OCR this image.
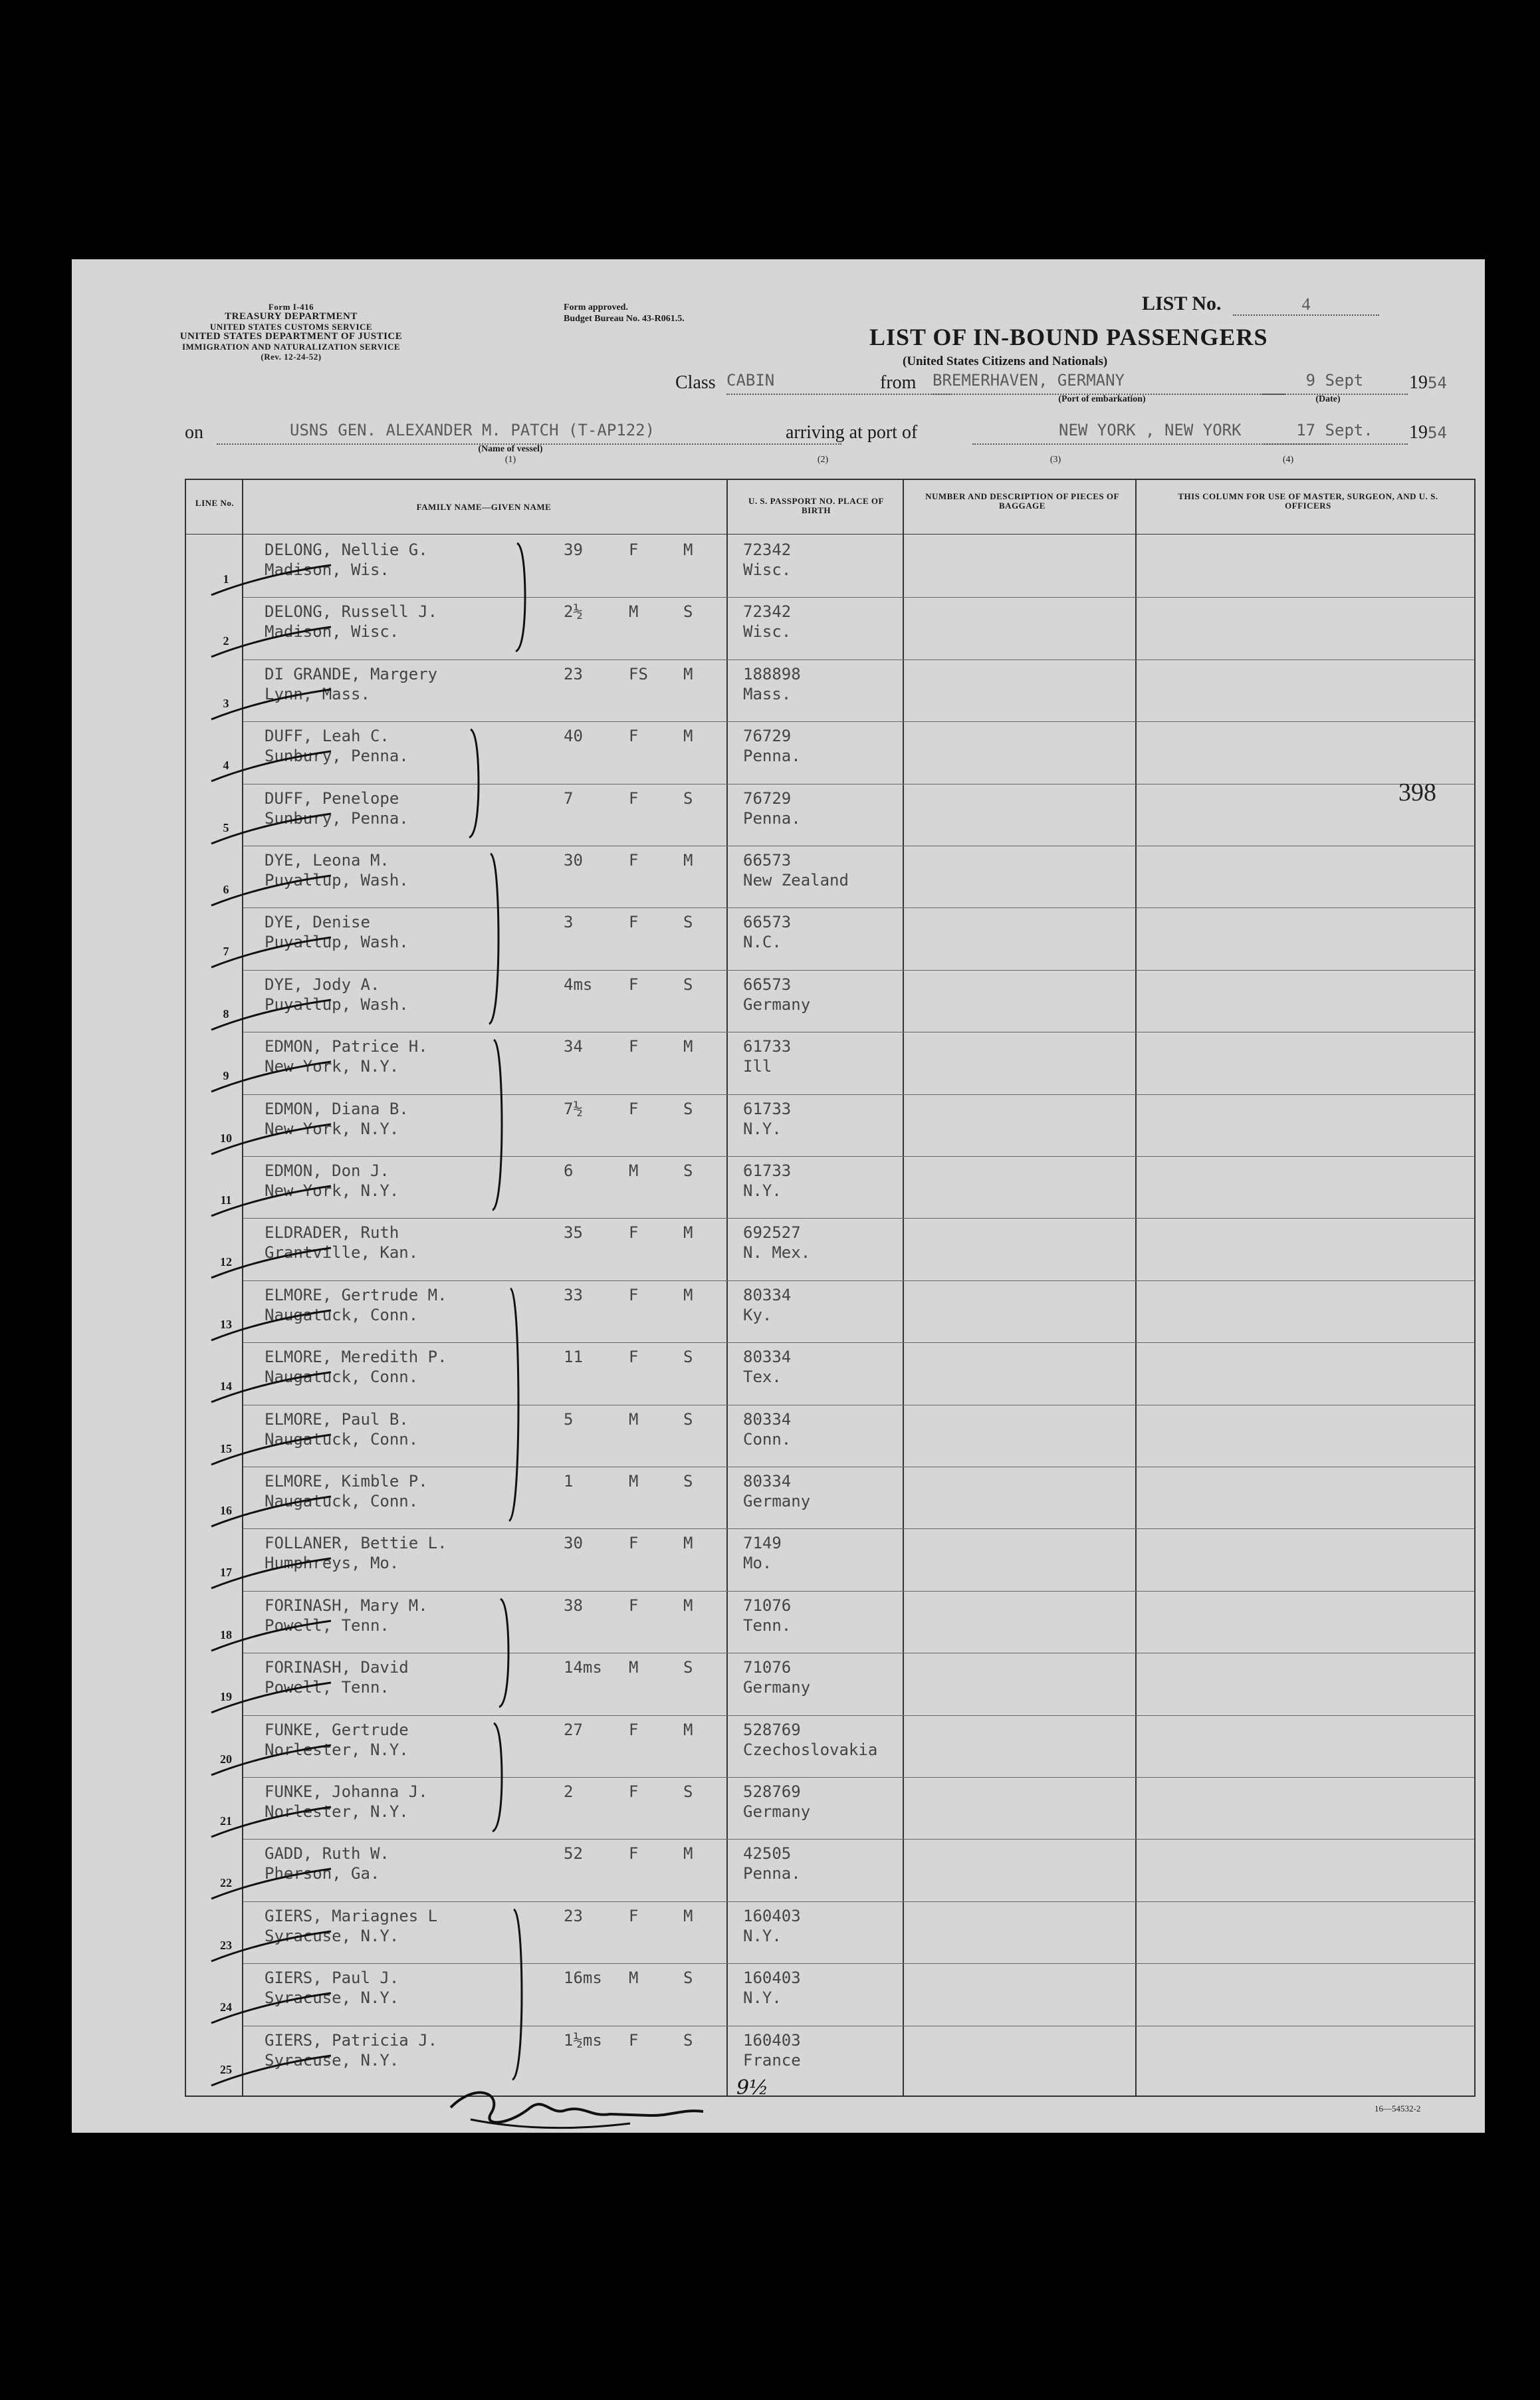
Form I-416
TREASURY DEPARTMENT
UNITED STATES CUSTOMS SERVICE
UNITED STATES DEPARTMENT OF JUSTICE
IMMIGRATION AND NATURALIZATION SERVICE
(Rev. 12-24-52)
Form approved.
Budget Bureau No. 43-R061.5.
LIST No.	4
LIST OF IN-BOUND PASSENGERS
(United States Citizens and Nationals)
Class CABIN	from BREMERHAVEN, GERMANY	9 Sept	1954
(Port of embarkation)	(Date)
on	USNS GEN. ALEXANDER M. PATCH (T-AP122)	arriving at port of	NEW YORK , NEW YORK	17 Sept.	1954
(Name of vessel)
(1)	(2)	(3)	(4)
LINE No.	FAMILY NAME—GIVEN NAME
U. S. PASSPORT NO. PLACE OF BIRTH
NUMBER AND DESCRIPTION OF PIECES OF BAGGAGE
THIS COLUMN FOR USE OF MASTER, SURGEON, AND U. S. OFFICERS
1
DELONG, Nellie G.
Madison, Wis.
39	F	M	72342
Wisc.
2
DELONG, Russell J.
Madison, Wisc.
2½	M	S	72342
Wisc.
3
DI GRANDE, Margery
Lynn, Mass.
23	FS M	188898
Mass.
4
DUFF, Leah C.
Sunbury, Penna.
40	F	M	76729
Penna.
5
DUFF, Penelope
Sunbury, Penna.
7	F	S	76729
Penna.
6
DYE, Leona M.
Puyallup, Wash.
30	F	M	66573
New Zealand
7
DYE, Denise
Puyallup, Wash.
3	F	S	66573
N.C.
8
DYE, Jody A.
Puyallup, Wash.
4ms F	S	66573
Germany
9
EDMON, Patrice H.
New York, N.Y.
34	F	M	61733
Ill
10
EDMON, Diana B.
New York, N.Y.
7½	F	S	61733
N.Y.
11
EDMON, Don J.
New York, N.Y.
6	M	S	61733
N.Y.
12
ELDRADER, Ruth
Grantville, Kan.
35	F	M	692527
N. Mex.
13
ELMORE, Gertrude M.
Naugatuck, Conn.
33	F	M	80334
Ky.
14
ELMORE, Meredith P.
Naugatuck, Conn.
11	F	S	80334
Tex.
15
ELMORE, Paul B.
Naugatuck, Conn.
5	M	S	80334
Conn.
16
ELMORE, Kimble P.
Naugatuck, Conn.
1	M	S	80334
Germany
17
FOLLANER, Bettie L.
Humphreys, Mo.
30	F	M	7149
Mo.
18
FORINASH, Mary M.
Powell, Tenn.
38	F	M	71076
Tenn.
19
FORINASH, David
Powell, Tenn.
14ms M	S	71076
Germany
20
FUNKE, Gertrude
Norlester, N.Y.
27	F	M	528769
Czechoslovakia
21
FUNKE, Johanna J.
Norlester, N.Y.
2	F	S	528769
Germany
22
GADD, Ruth W.
Pherson, Ga.
52	F	M	42505
Penna.
23
GIERS, Mariagnes L
Syracuse, N.Y.
23	F	M	160403
N.Y.
24
GIERS, Paul J.
Syracuse, N.Y.
16ms M	S	160403
N.Y.
25
GIERS, Patricia J.
Syracuse, N.Y.
1½ms F	S	160403
France
398
9½
16—54532-2
